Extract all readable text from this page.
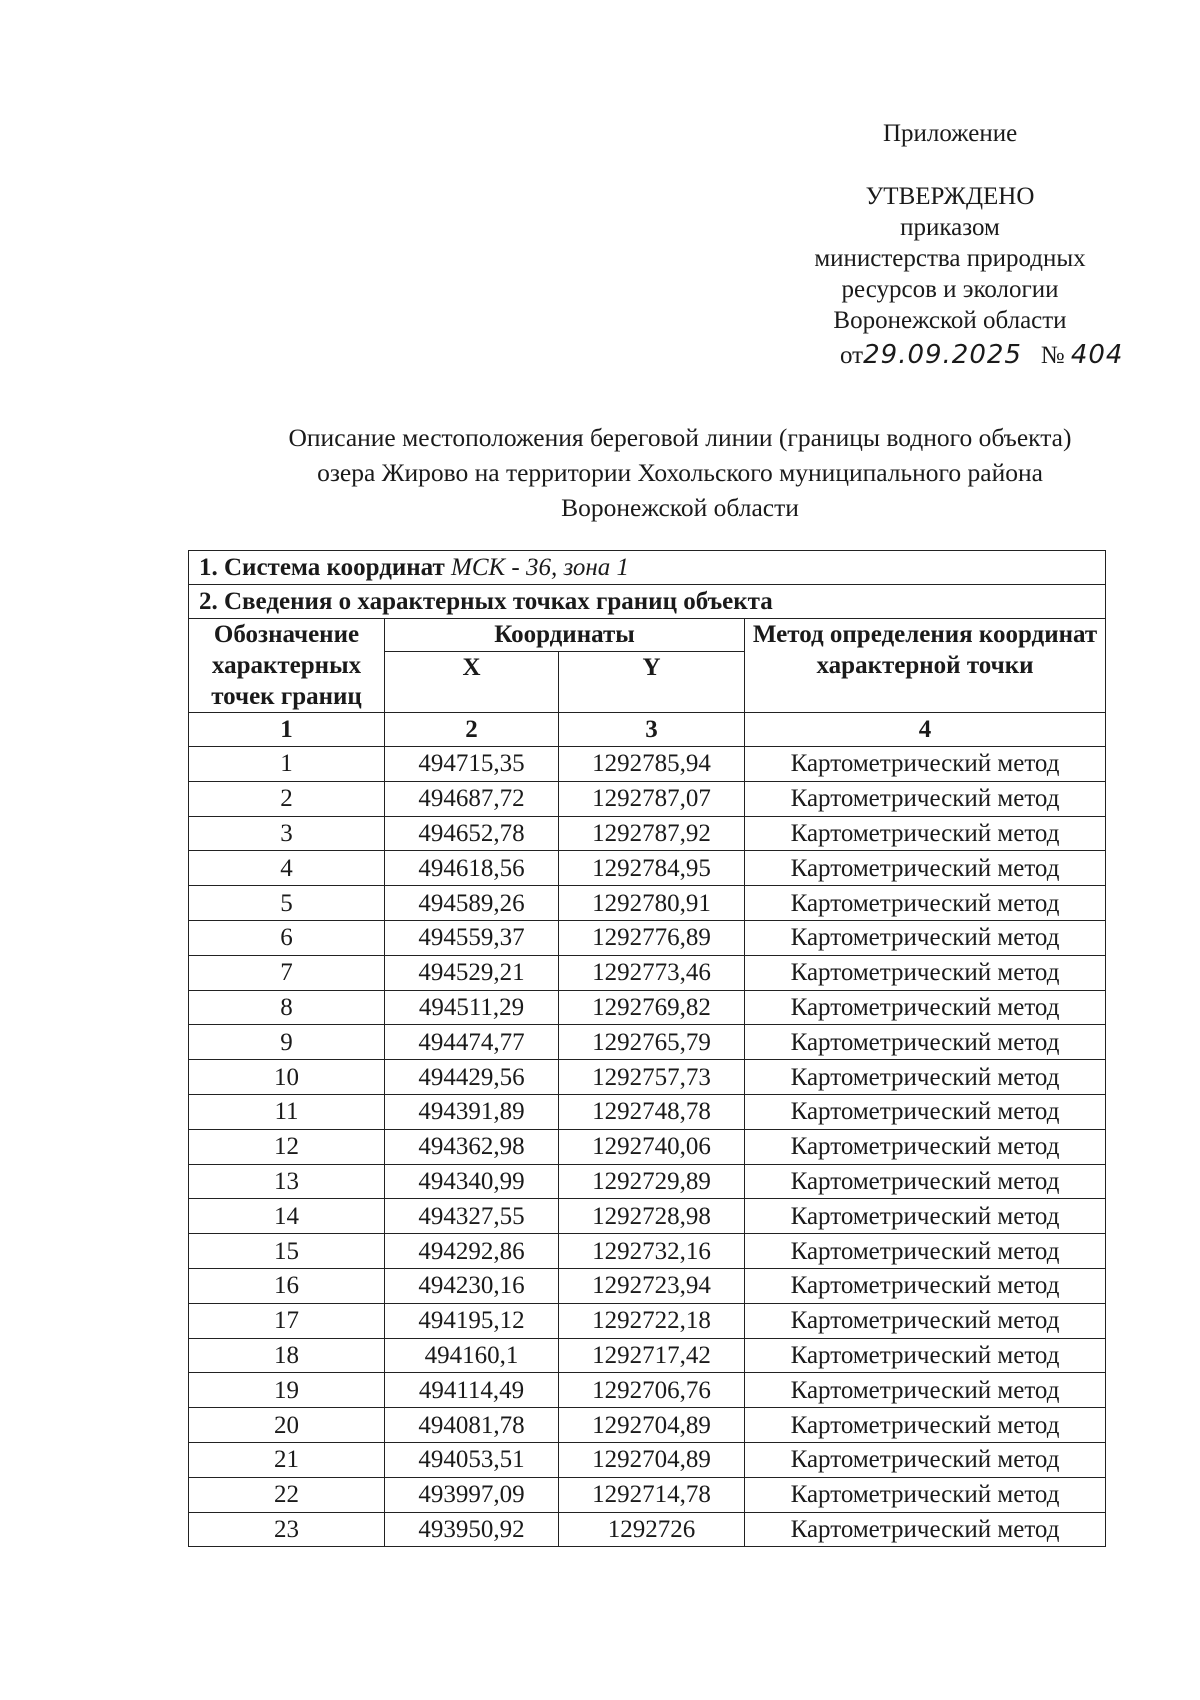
Приложение
УТВЕРЖДЕНО
приказом
министерства природных
ресурсов и экологии
Воронежской области
от29.09.2025 № 404
Описание местоположения береговой линии (границы водного объекта)
озера Жирово на территории Хохольского муниципального района
Воронежской области
1. Система координат МСК - 36, зона 1			
2. Сведения о характерных точках границ объекта			
Обозначение характерных точек границ	Координаты		Метод определения координат характерной точки
	X	Y	
1	2	3	4
1	494715,35	1292785,94	Картометрический метод
2	494687,72	1292787,07	Картометрический метод
3	494652,78	1292787,92	Картометрический метод
4	494618,56	1292784,95	Картометрический метод
5	494589,26	1292780,91	Картометрический метод
6	494559,37	1292776,89	Картометрический метод
7	494529,21	1292773,46	Картометрический метод
8	494511,29	1292769,82	Картометрический метод
9	494474,77	1292765,79	Картометрический метод
10	494429,56	1292757,73	Картометрический метод
11	494391,89	1292748,78	Картометрический метод
12	494362,98	1292740,06	Картометрический метод
13	494340,99	1292729,89	Картометрический метод
14	494327,55	1292728,98	Картометрический метод
15	494292,86	1292732,16	Картометрический метод
16	494230,16	1292723,94	Картометрический метод
17	494195,12	1292722,18	Картометрический метод
18	494160,1	1292717,42	Картометрический метод
19	494114,49	1292706,76	Картометрический метод
20	494081,78	1292704,89	Картометрический метод
21	494053,51	1292704,89	Картометрический метод
22	493997,09	1292714,78	Картометрический метод
23	493950,92	1292726	Картометрический метод
